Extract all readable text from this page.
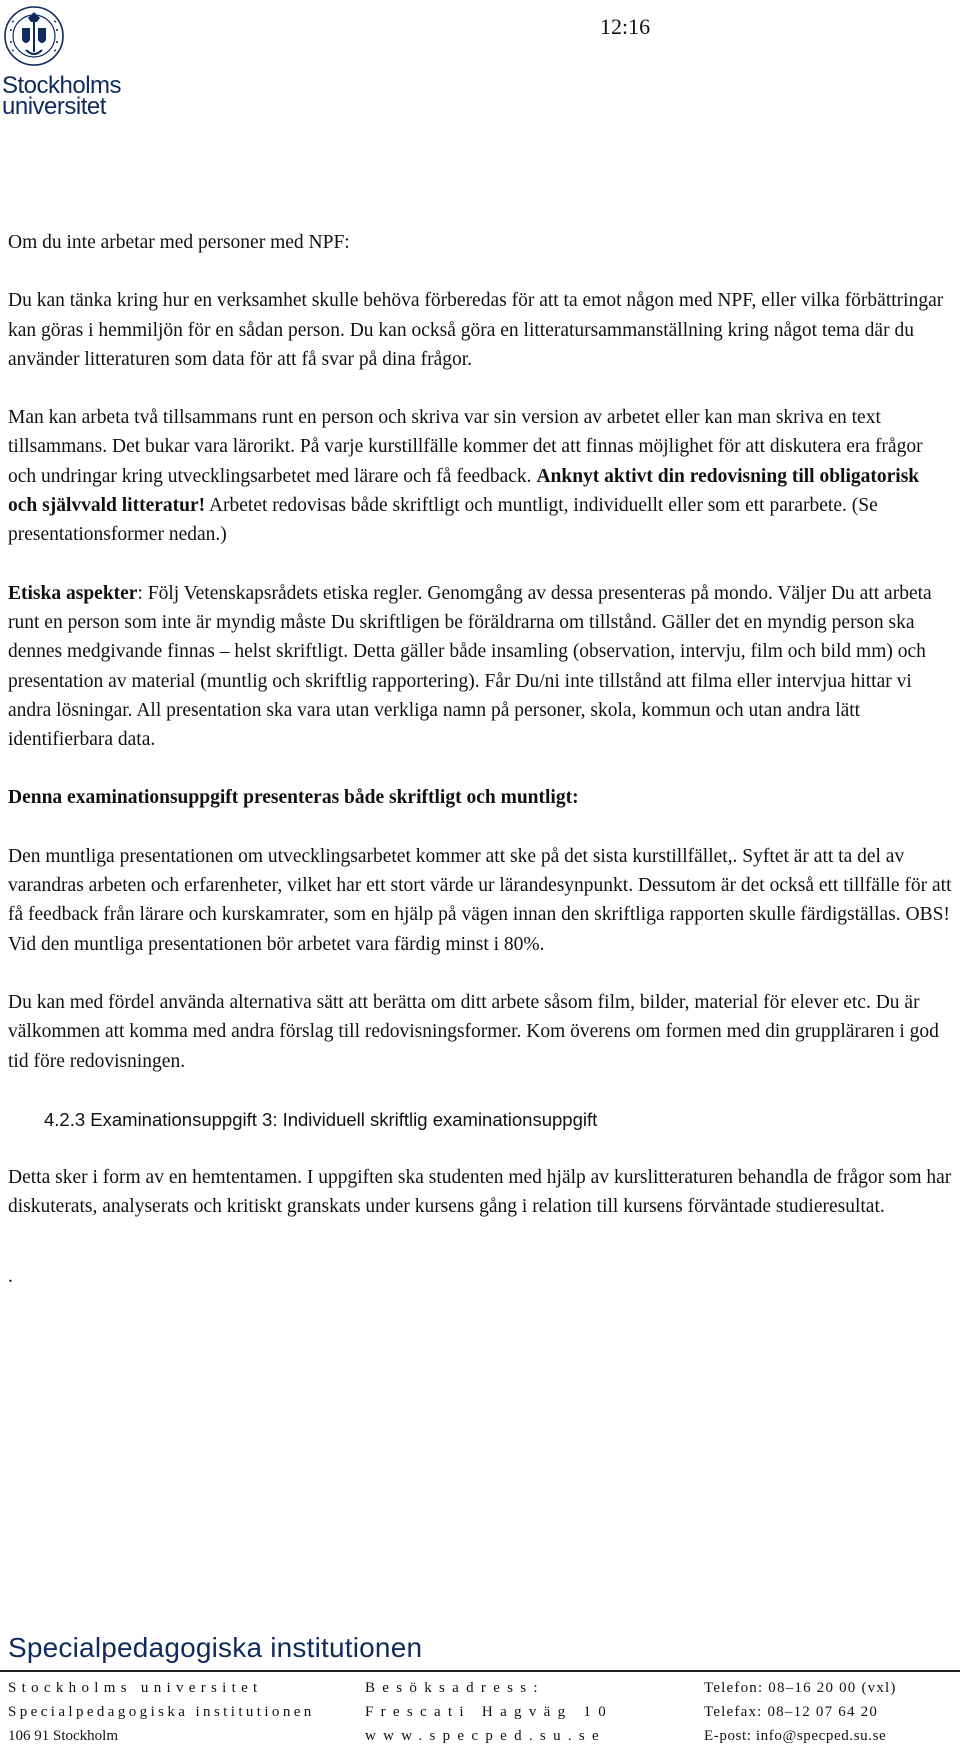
Stockholms
universitet
12:16

Om du inte arbetar med personer med NPF:

Du kan tänka kring hur en verksamhet skulle behöva förberedas för att ta emot någon med NPF, eller vilka förbättringar kan göras i hemmiljön för en sådan person. Du kan också göra en litteratursammanställning kring något tema där du använder litteraturen som data för att få svar på dina frågor.

Man kan arbeta två tillsammans runt en person och skriva var sin version av arbetet eller kan man skriva en text tillsammans. Det bukar vara lärorikt. På varje kurstillfälle kommer det att finnas möjlighet för att diskutera era frågor och undringar kring utvecklingsarbetet med lärare och få feedback. Anknyt aktivt din redovisning till obligatorisk och självvald litteratur! Arbetet redovisas både skriftligt och muntligt, individuellt eller som ett pararbete. (Se presentationsformer nedan.)

Etiska aspekter: Följ Vetenskapsrådets etiska regler. Genomgång av dessa presenteras på mondo. Väljer Du att arbeta runt en person som inte är myndig måste Du skriftligen be föräldrarna om tillstånd. Gäller det en myndig person ska dennes medgivande finnas – helst skriftligt. Detta gäller både insamling (observation, intervju, film och bild mm) och presentation av material (muntlig och skriftlig rapportering). Får Du/ni inte tillstånd att filma eller intervjua hittar vi andra lösningar. All presentation ska vara utan verkliga namn på personer, skola, kommun och utan andra lätt identifierbara data.

Denna examinationsuppgift presenteras både skriftligt och muntligt:

Den muntliga presentationen om utvecklingsarbetet kommer att ske på det sista kurstillfället,. Syftet är att ta del av varandras arbeten och erfarenheter, vilket har ett stort värde ur lärandesynpunkt. Dessutom är det också ett tillfälle för att få feedback från lärare och kurskamrater, som en hjälp på vägen innan den skriftliga rapporten skulle färdigställas. OBS! Vid den muntliga presentationen bör arbetet vara färdig minst i 80%.

Du kan med fördel använda alternativa sätt att berätta om ditt arbete såsom film, bilder, material för elever etc. Du är välkommen att komma med andra förslag till redovisningsformer. Kom överens om formen med din gruppläraren i god tid före redovisningen.

4.2.3 Examinationsuppgift 3: Individuell skriftlig examinationsuppgift

Detta sker i form av en hemtentamen. I uppgiften ska studenten med hjälp av kurslitteraturen behandla de frågor som har diskuterats, analyserats och kritiskt granskats under kursens gång i relation till kursens förväntade studieresultat.

.

Specialpedagogiska institutionen
Stockholms universitet	Besöksadress:	Telefon: 08–16 20 00 (vxl)
Specialpedagogiska institutionen	Frescati Hagväg 10	Telefax: 08–12 07 64 20
106 91 Stockholm	www.specped.su.se	E-post: info@specped.su.se
